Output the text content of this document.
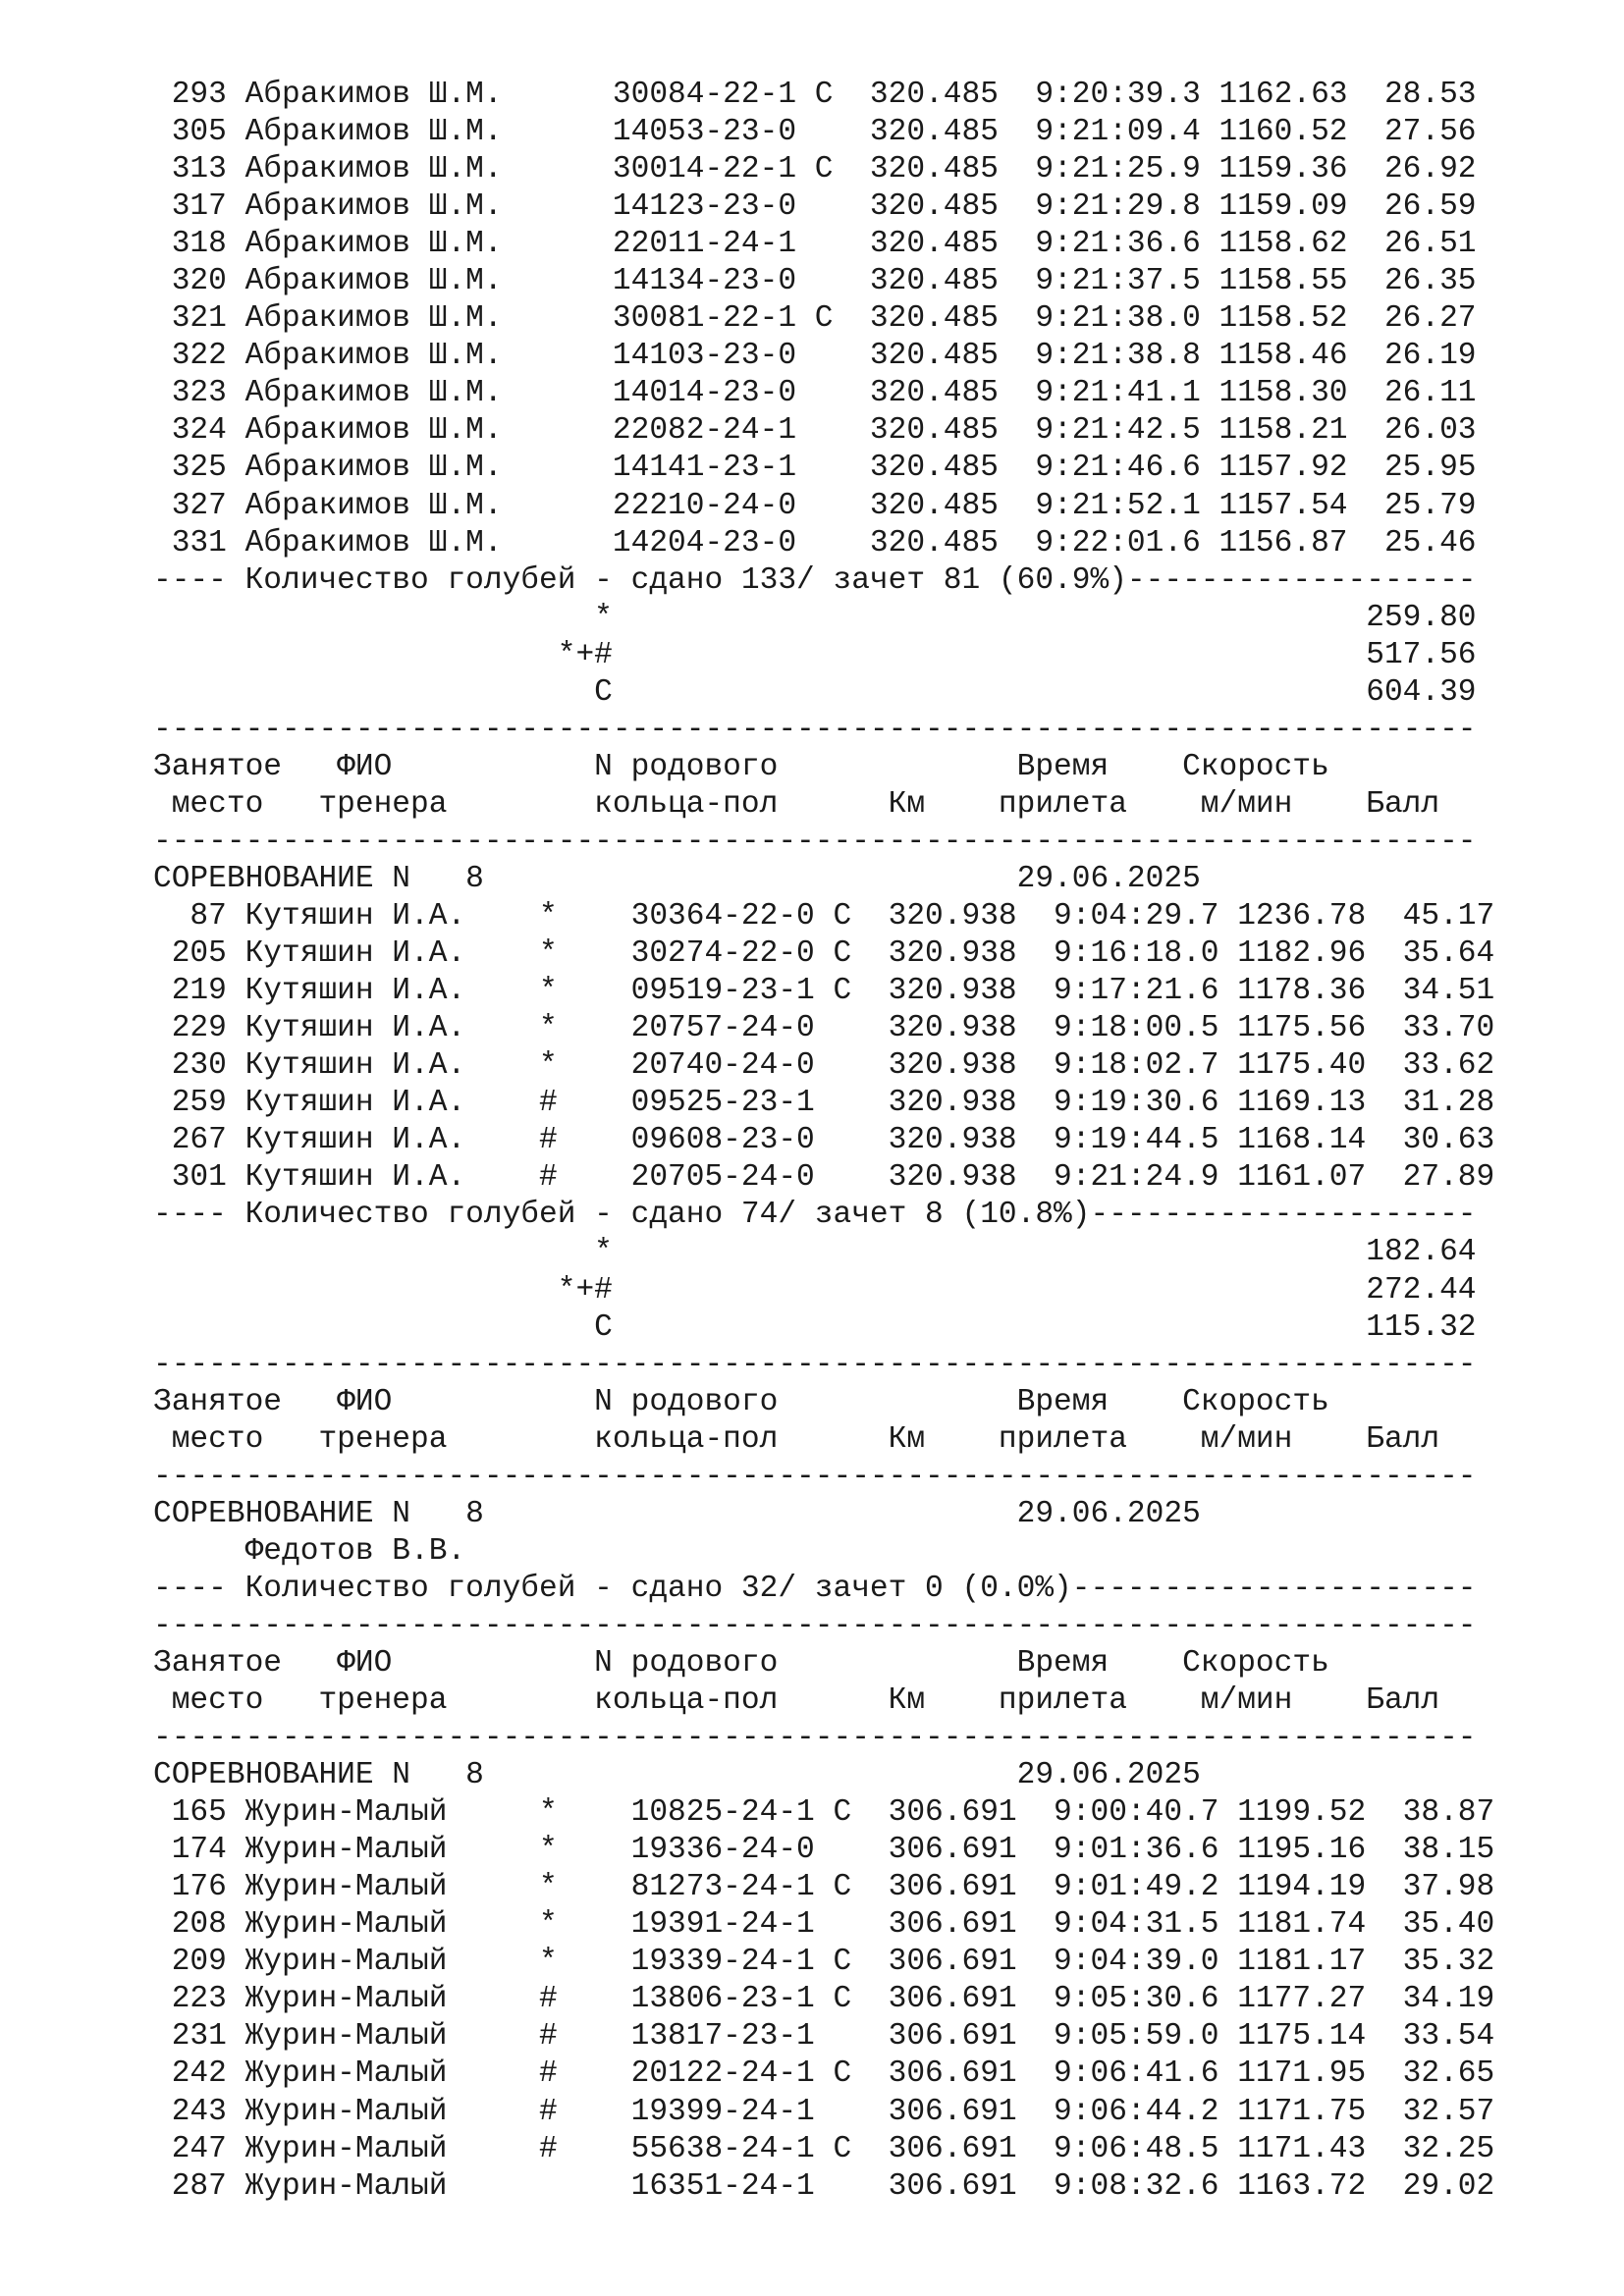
293 Абракимов Ш.М.      30084-22-1 С  320.485  9:20:39.3 1162.63  28.53
305 Абракимов Ш.М.      14053-23-0    320.485  9:21:09.4 1160.52  27.56
313 Абракимов Ш.М.      30014-22-1 С  320.485  9:21:25.9 1159.36  26.92
317 Абракимов Ш.М.      14123-23-0    320.485  9:21:29.8 1159.09  26.59
318 Абракимов Ш.М.      22011-24-1    320.485  9:21:36.6 1158.62  26.51
320 Абракимов Ш.М.      14134-23-0    320.485  9:21:37.5 1158.55  26.35
321 Абракимов Ш.М.      30081-22-1 С  320.485  9:21:38.0 1158.52  26.27
322 Абракимов Ш.М.      14103-23-0    320.485  9:21:38.8 1158.46  26.19
323 Абракимов Ш.М.      14014-23-0    320.485  9:21:41.1 1158.30  26.11
324 Абракимов Ш.М.      22082-24-1    320.485  9:21:42.5 1158.21  26.03
325 Абракимов Ш.М.      14141-23-1    320.485  9:21:46.6 1157.92  25.95
327 Абракимов Ш.М.      22210-24-0    320.485  9:21:52.1 1157.54  25.79
331 Абракимов Ш.М.      14204-23-0    320.485  9:22:01.6 1156.87  25.46
---- Количество голубей - сдано 133/ зачет 81 (60.9%)-------------------
*                                         259.80
*+#                                         517.56
С                                         604.39
------------------------------------------------------------------------
Занятое   ФИО           N родового             Время    Скорость
место   тренера        кольца-пол      Км    прилета    м/мин    Балл
------------------------------------------------------------------------
СОРЕВНОВАНИЕ N   8                             29.06.2025
87 Кутяшин И.А.    *    30364-22-0 С  320.938  9:04:29.7 1236.78  45.17
205 Кутяшин И.А.    *    30274-22-0 С  320.938  9:16:18.0 1182.96  35.64
219 Кутяшин И.А.    *    09519-23-1 С  320.938  9:17:21.6 1178.36  34.51
229 Кутяшин И.А.    *    20757-24-0    320.938  9:18:00.5 1175.56  33.70
230 Кутяшин И.А.    *    20740-24-0    320.938  9:18:02.7 1175.40  33.62
259 Кутяшин И.А.    #    09525-23-1    320.938  9:19:30.6 1169.13  31.28
267 Кутяшин И.А.    #    09608-23-0    320.938  9:19:44.5 1168.14  30.63
301 Кутяшин И.А.    #    20705-24-0    320.938  9:21:24.9 1161.07  27.89
---- Количество голубей - сдано 74/ зачет 8 (10.8%)---------------------
*                                         182.64
*+#                                         272.44
С                                         115.32
------------------------------------------------------------------------
Занятое   ФИО           N родового             Время    Скорость
место   тренера        кольца-пол      Км    прилета    м/мин    Балл
------------------------------------------------------------------------
СОРЕВНОВАНИЕ N   8                             29.06.2025
Федотов В.В.
---- Количество голубей - сдано 32/ зачет 0 (0.0%)----------------------
------------------------------------------------------------------------
Занятое   ФИО           N родового             Время    Скорость
место   тренера        кольца-пол      Км    прилета    м/мин    Балл
------------------------------------------------------------------------
СОРЕВНОВАНИЕ N   8                             29.06.2025
165 Журин-Малый     *    10825-24-1 С  306.691  9:00:40.7 1199.52  38.87
174 Журин-Малый     *    19336-24-0    306.691  9:01:36.6 1195.16  38.15
176 Журин-Малый     *    81273-24-1 С  306.691  9:01:49.2 1194.19  37.98
208 Журин-Малый     *    19391-24-1    306.691  9:04:31.5 1181.74  35.40
209 Журин-Малый     *    19339-24-1 С  306.691  9:04:39.0 1181.17  35.32
223 Журин-Малый     #    13806-23-1 С  306.691  9:05:30.6 1177.27  34.19
231 Журин-Малый     #    13817-23-1    306.691  9:05:59.0 1175.14  33.54
242 Журин-Малый     #    20122-24-1 С  306.691  9:06:41.6 1171.95  32.65
243 Журин-Малый     #    19399-24-1    306.691  9:06:44.2 1171.75  32.57
247 Журин-Малый     #    55638-24-1 С  306.691  9:06:48.5 1171.43  32.25
287 Журин-Малый          16351-24-1    306.691  9:08:32.6 1163.72  29.02
